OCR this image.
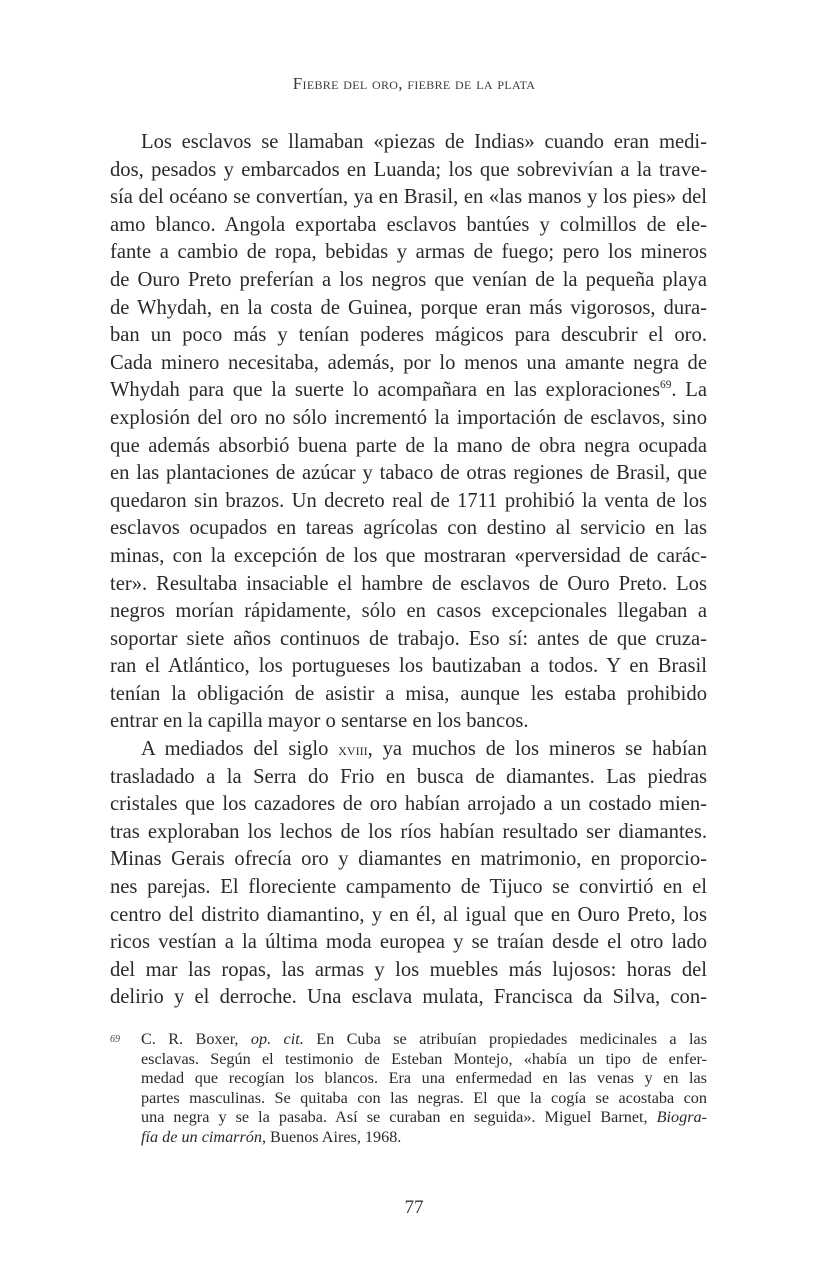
Fiebre del oro, fiebre de la plata
Los esclavos se llamaban «piezas de Indias» cuando eran medi-
dos, pesados y embarcados en Luanda; los que sobrevivían a la trave-
sía del océano se convertían, ya en Brasil, en «las manos y los pies» del
amo blanco. Angola exportaba esclavos bantúes y colmillos de ele-
fante a cambio de ropa, bebidas y armas de fuego; pero los mineros
de Ouro Preto preferían a los negros que venían de la pequeña playa
de Whydah, en la costa de Guinea, porque eran más vigorosos, dura-
ban un poco más y tenían poderes mágicos para descubrir el oro.
Cada minero necesitaba, además, por lo menos una amante negra de
Whydah para que la suerte lo acompañara en las exploraciones$^{69}$. La
explosión del oro no sólo incrementó la importación de esclavos, sino
que además absorbió buena parte de la mano de obra negra ocupada
en las plantaciones de azúcar y tabaco de otras regiones de Brasil, que
quedaron sin brazos. Un decreto real de 1711 prohibió la venta de los
esclavos ocupados en tareas agrícolas con destino al servicio en las
minas, con la excepción de los que mostraran «perversidad de carác-
ter». Resultaba insaciable el hambre de esclavos de Ouro Preto. Los
negros morían rápidamente, sólo en casos excepcionales llegaban a
soportar siete años continuos de trabajo. Eso sí: antes de que cruza-
ran el Atlántico, los portugueses los bautizaban a todos. Y en Brasil
tenían la obligación de asistir a misa, aunque les estaba prohibido
entrar en la capilla mayor o sentarse en los bancos.
A mediados del siglo xviii, ya muchos de los mineros se habían
trasladado a la Serra do Frio en busca de diamantes. Las piedras
cristales que los cazadores de oro habían arrojado a un costado mien-
tras exploraban los lechos de los ríos habían resultado ser diamantes.
Minas Gerais ofrecía oro y diamantes en matrimonio, en proporcio-
nes parejas. El floreciente campamento de Tijuco se convirtió en el
centro del distrito diamantino, y en él, al igual que en Ouro Preto, los
ricos vestían a la última moda europea y se traían desde el otro lado
del mar las ropas, las armas y los muebles más lujosos: horas del
delirio y el derroche. Una esclava mulata, Francisca da Silva, con-
69 C. R. Boxer, op. cit. En Cuba se atribuían propiedades medicinales a las
esclavas. Según el testimonio de Esteban Montejo, «había un tipo de enfer-
medad que recogían los blancos. Era una enfermedad en las venas y en las
partes masculinas. Se quitaba con las negras. El que la cogía se acostaba con
una negra y se la pasaba. Así se curaban en seguida». Miguel Barnet, Biogra-
fía de un cimarrón, Buenos Aires, 1968.
77
